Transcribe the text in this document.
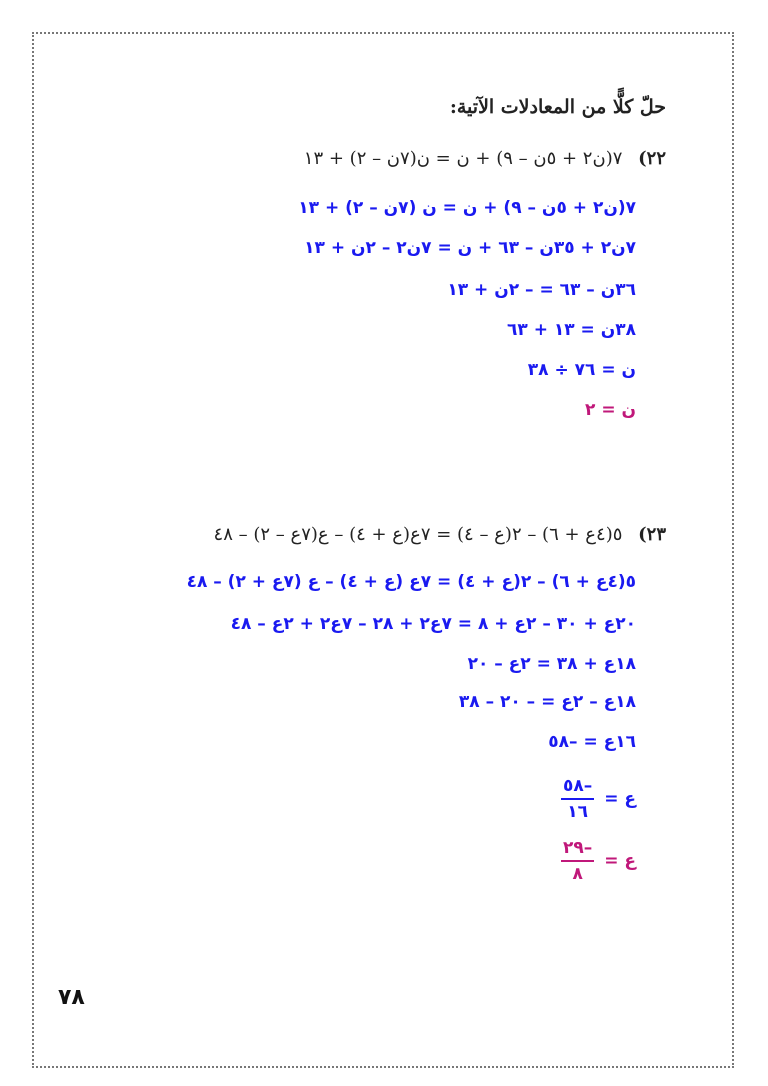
حلّ كلًّا من المعادلات الآتية:
٢٢) ٧(ن٢ + ٥ن – ٩) + ن = ن(٧ن – ٢) + ١٣
٧(ن٢ + ٥ن – ٩) + ن = ن (٧ن – ٢) + ١٣
٧ن٢ + ٣٥ن – ٦٣ + ن = ٧ن٢ – ٢ن + ١٣
٣٦ن – ٦٣ = – ٢ن + ١٣
٣٨ن = ١٣ + ٦٣
ن = ٧٦ ÷ ٣٨
ن = ٢
٢٣) ٥(٤ع + ٦) – ٢(ع – ٤) = ٧ع(ع + ٤) – ع(٧ع – ٢) – ٤٨
٥(٤ع + ٦) – ٢(ع + ٤) = ٧ع (ع + ٤) – ع (٧ع + ٢) – ٤٨
٢٠ع + ٣٠ – ٢ع + ٨ = ٧ع٢ + ٢٨ – ٧ع٢ + ٢ع – ٤٨
١٨ع + ٣٨ = ٢ع – ٢٠
١٨ع – ٢ع = – ٢٠ – ٣٨
١٦ع = –٥٨
ع =
$\frac{-٥٨}{١٦}$
ع =
$\frac{-٢٩}{٨}$
٧٨
